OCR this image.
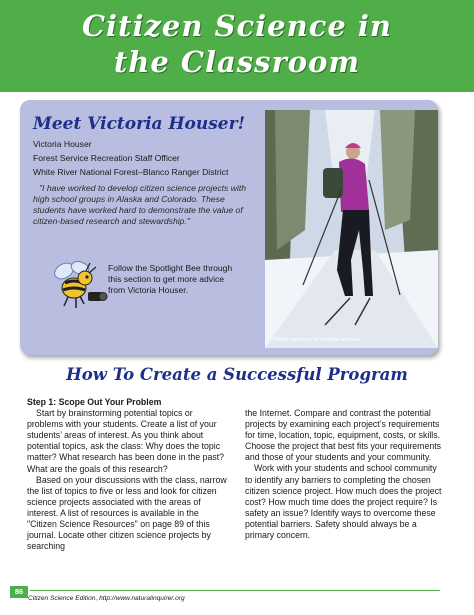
Citizen Science in
the Classroom
Meet Victoria Houser!
Victoria Houser
Forest Service Recreation Staff Officer
White River National Forest–Blanco Ranger District
"I have worked to develop citizen science projects with high school groups in Alaska and Colorado. These students have worked hard to demonstrate the value of citizen-based research and stewardship."
Follow the Spotlight Bee through this section to get more advice from Victoria Houser.
Photo courtesy of Victoria Houser.
How To Create a Successful Program
Step 1: Scope Out Your Problem

Start by brainstorming potential topics or problems with your students. Create a list of your students’ areas of interest. As you think about potential topics, ask the class: Why does the topic matter? What research has been done in the past? What are the goals of this research?

Based on your discussions with the class, narrow the list of topics to five or less and look for citizen science projects associated with the areas of interest. A list of resources is available in the "Citizen Science Resources" on page 89 of this journal. Locate other citizen science projects by searching

the Internet. Compare and contrast the potential projects by examining each project’s requirements for time, location, topic, equipment, costs, or skills. Choose the project that best fits your requirements and those of your students and your community.

Work with your students and school community to identify any barriers to completing the chosen citizen science project. How much does the project cost? How much time does the project require? Is safety an issue? Identify ways to overcome these potential barriers. Safety should always be a primary concern.

86
Citizen Science Edition, http://www.naturalinquirer.org
